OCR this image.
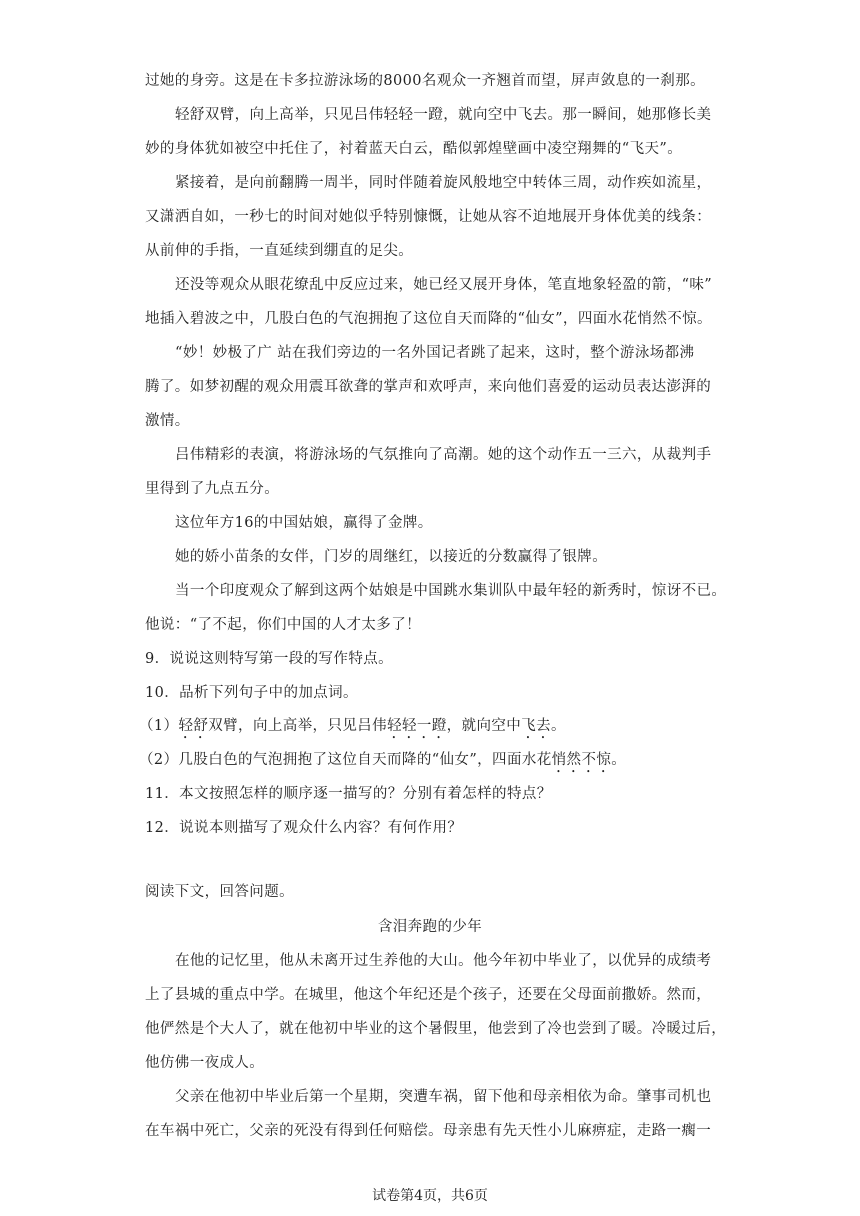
过她的身旁。这是在卡多拉游泳场的8000名观众一齐翘首而望，屏声敛息的一刹那。
轻舒双臂，向上高举，只见吕伟轻轻一蹬，就向空中飞去。那一瞬间，她那修长美
妙的身体犹如被空中托住了，衬着蓝天白云，酷似郭煌壁画中凌空翔舞的“飞天”。
紧接着，是向前翻腾一周半，同时伴随着旋风般地空中转体三周，动作疾如流星，
又潇洒自如，一秒七的时间对她似乎特别慷慨，让她从容不迫地展开身体优美的线条：
从前伸的手指，一直延续到绷直的足尖。
还没等观众从眼花缭乱中反应过来，她已经又展开身体，笔直地象轻盈的箭，“味”
地插入碧波之中，几股白色的气泡拥抱了这位自天而降的“仙女”，四面水花悄然不惊。
“妙！妙极了广 站在我们旁边的一名外国记者跳了起来，这时，整个游泳场都沸
腾了。如梦初醒的观众用震耳欲聋的掌声和欢呼声，来向他们喜爱的运动员表达澎湃的
激情。
吕伟精彩的表演，将游泳场的气氛推向了高潮。她的这个动作五一三六，从裁判手
里得到了九点五分。
这位年方16的中国姑娘，赢得了金牌。
她的娇小苗条的女伴，门岁的周继红，以接近的分数赢得了银牌。
当一个印度观众了解到这两个姑娘是中国跳水集训队中最年轻的新秀时，惊讶不已。
他说：“了不起，你们中国的人才太多了！
9．说说这则特写第一段的写作特点。
10．品析下列句子中的加点词。
（1）轻舒双臂，向上高举，只见吕伟轻轻一蹬，就向空中飞去。
（2）几股白色的气泡拥抱了这位自天而降的“仙女”，四面水花悄然不惊。
11．本文按照怎样的顺序逐一描写的？分别有着怎样的特点？
12．说说本则描写了观众什么内容？有何作用？
阅读下文，回答问题。
含泪奔跑的少年
在他的记忆里，他从未离开过生养他的大山。他今年初中毕业了，以优异的成绩考
上了县城的重点中学。在城里，他这个年纪还是个孩子，还要在父母面前撒娇。然而，
他俨然是个大人了，就在他初中毕业的这个暑假里，他尝到了冷也尝到了暖。冷暖过后，
他仿佛一夜成人。
父亲在他初中毕业后第一个星期，突遭车祸，留下他和母亲相依为命。肇事司机也
在车祸中死亡，父亲的死没有得到任何赔偿。母亲患有先天性小儿麻痹症，走路一瘸一
试卷第4页，共6页
